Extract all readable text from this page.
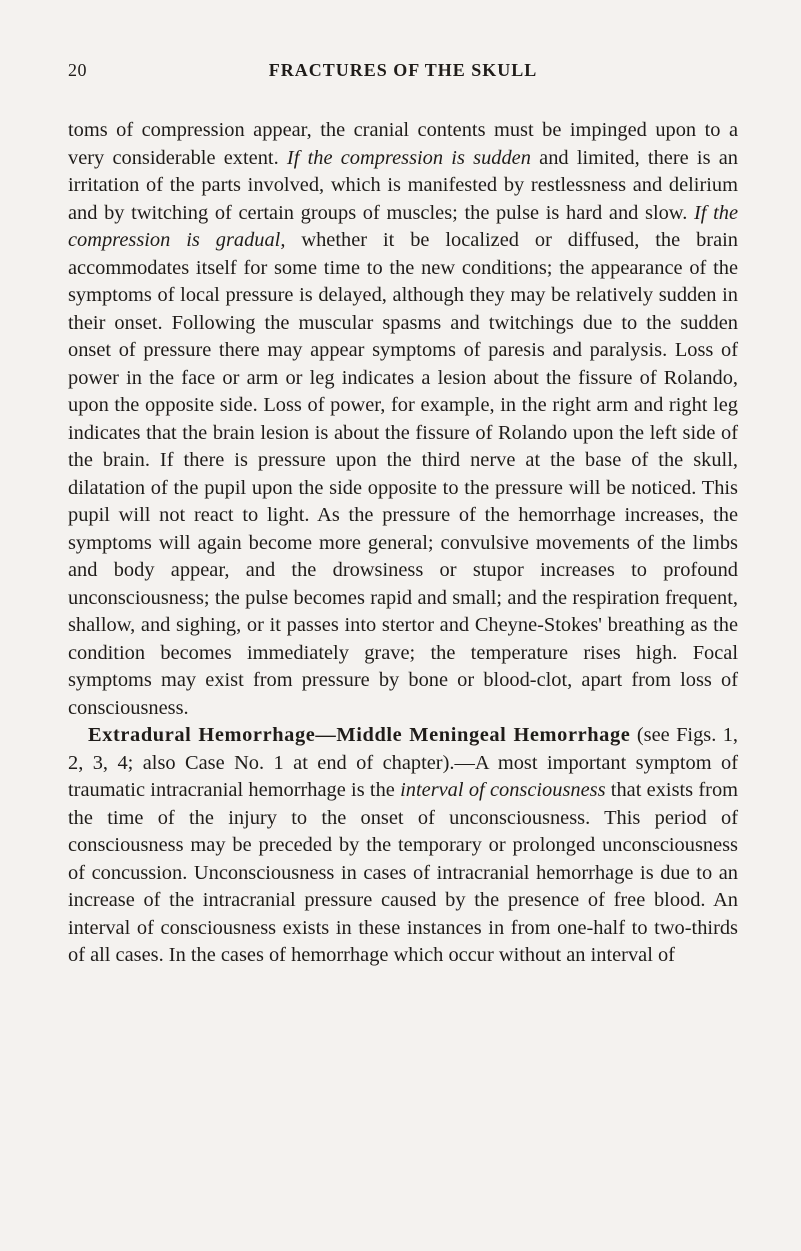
20	FRACTURES OF THE SKULL

toms of compression appear, the cranial contents must be impinged upon to a very considerable extent. If the compression is sudden and limited, there is an irritation of the parts involved, which is manifested by restlessness and delirium and by twitching of certain groups of muscles; the pulse is hard and slow. If the compression is gradual, whether it be localized or diffused, the brain accommodates itself for some time to the new conditions; the appearance of the symptoms of local pressure is delayed, although they may be relatively sudden in their onset. Following the muscular spasms and twitchings due to the sudden onset of pressure there may appear symptoms of paresis and paralysis. Loss of power in the face or arm or leg indicates a lesion about the fissure of Rolando, upon the opposite side. Loss of power, for example, in the right arm and right leg indicates that the brain lesion is about the fissure of Rolando upon the left side of the brain. If there is pressure upon the third nerve at the base of the skull, dilatation of the pupil upon the side opposite to the pressure will be noticed. This pupil will not react to light. As the pressure of the hemorrhage increases, the symptoms will again become more general; convulsive movements of the limbs and body appear, and the drowsiness or stupor increases to profound unconsciousness; the pulse becomes rapid and small; and the respiration frequent, shallow, and sighing, or it passes into stertor and Cheyne-Stokes' breathing as the condition becomes immediately grave; the temperature rises high. Focal symptoms may exist from pressure by bone or blood-clot, apart from loss of consciousness.

Extradural Hemorrhage—Middle Meningeal Hemorrhage (see Figs. 1, 2, 3, 4; also Case No. 1 at end of chapter).—A most important symptom of traumatic intracranial hemorrhage is the interval of consciousness that exists from the time of the injury to the onset of unconsciousness. This period of consciousness may be preceded by the temporary or prolonged unconsciousness of concussion. Unconsciousness in cases of intracranial hemorrhage is due to an increase of the intracranial pressure caused by the presence of free blood. An interval of consciousness exists in these instances in from one-half to two-thirds of all cases. In the cases of hemorrhage which occur without an interval of
